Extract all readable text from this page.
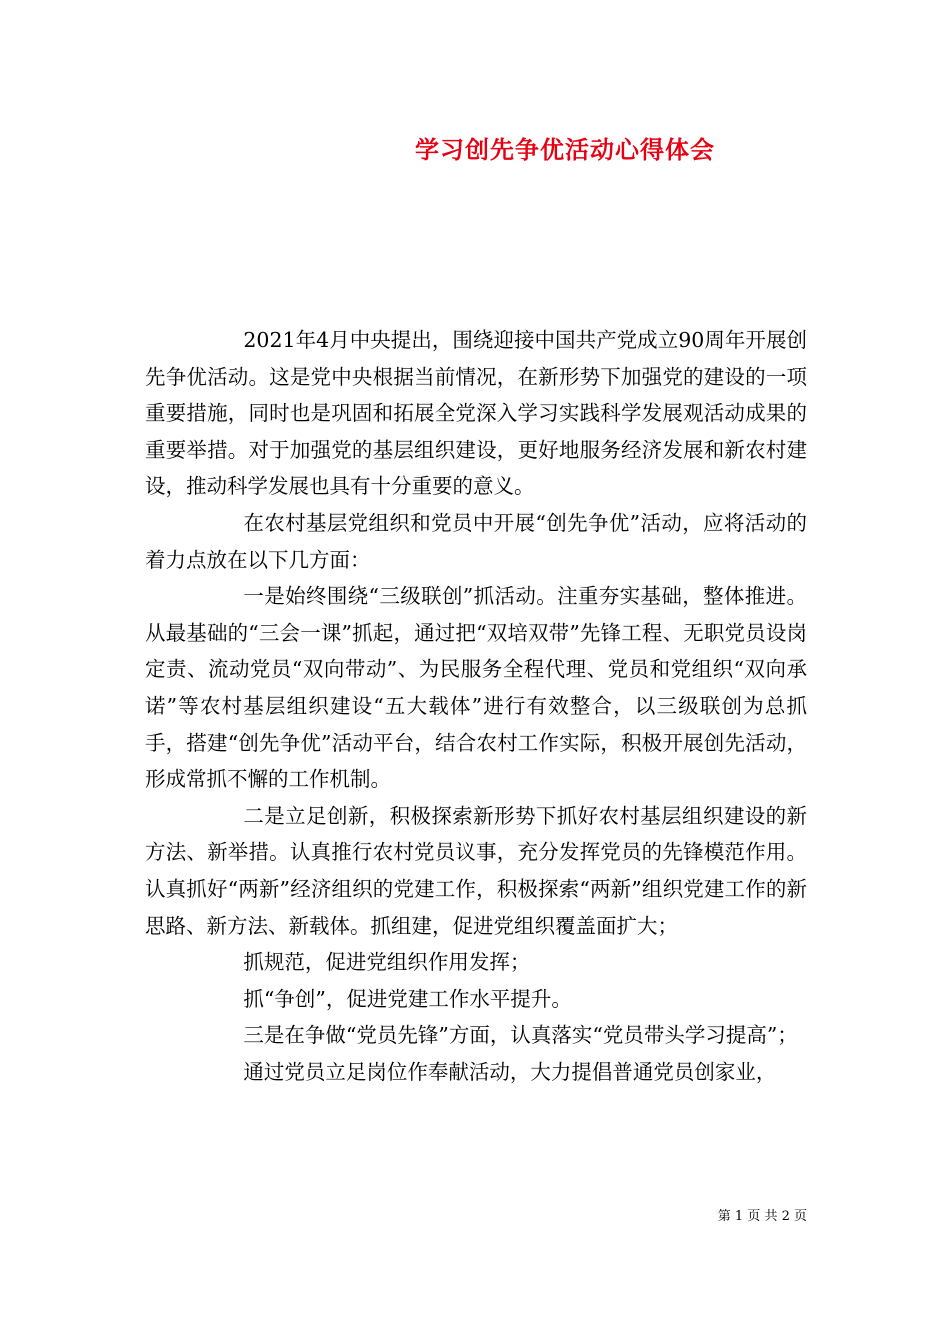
学习创先争优活动心得体会

2021年4月中央提出，围绕迎接中国共产党成立90周年开展创先争优活动。这是党中央根据当前情况，在新形势下加强党的建设的一项重要措施，同时也是巩固和拓展全党深入学习实践科学发展观活动成果的重要举措。对于加强党的基层组织建设，更好地服务经济发展和新农村建设，推动科学发展也具有十分重要的意义。

在农村基层党组织和党员中开展“创先争优”活动，应将活动的着力点放在以下几方面：

一是始终围绕“三级联创”抓活动。注重夯实基础，整体推进。从最基础的“三会一课”抓起，通过把“双培双带”先锋工程、无职党员设岗定责、流动党员“双向带动”、为民服务全程代理、党员和党组织“双向承诺”等农村基层组织建设“五大载体”进行有效整合，以三级联创为总抓手，搭建“创先争优”活动平台，结合农村工作实际，积极开展创先活动，形成常抓不懈的工作机制。

二是立足创新，积极探索新形势下抓好农村基层组织建设的新方法、新举措。认真推行农村党员议事，充分发挥党员的先锋模范作用。认真抓好“两新”经济组织的党建工作，积极探索“两新”组织党建工作的新思路、新方法、新载体。抓组建，促进党组织覆盖面扩大；

抓规范，促进党组织作用发挥；

抓“争创”，促进党建工作水平提升。

三是在争做“党员先锋”方面，认真落实“党员带头学习提高”；

通过党员立足岗位作奉献活动，大力提倡普通党员创家业，

第 1 页 共 2 页
